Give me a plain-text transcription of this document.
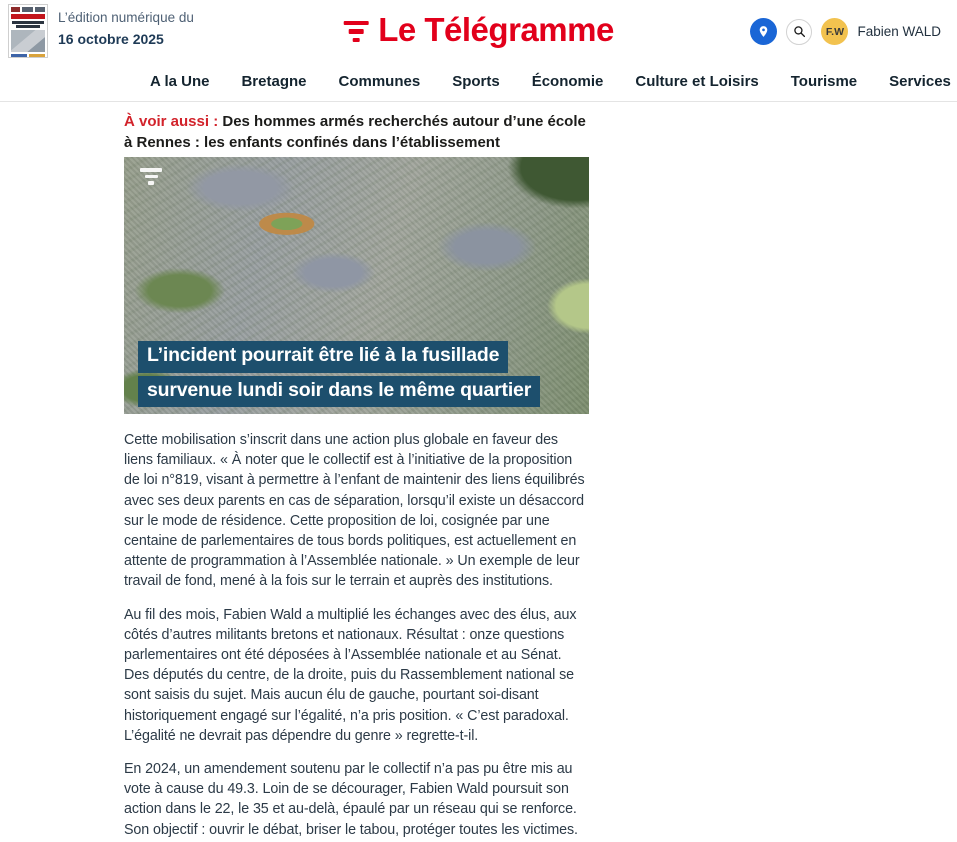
L’édition numérique du
16 octobre 2025	Le Télégramme	F.W Fabien WALD
A la Une	Bretagne	Communes	Sports	Économie	Culture et Loisirs	Tourisme	Services
À voir aussi : Des hommes armés recherchés autour d’une école à Rennes : les enfants confinés dans l’établissement
L’incident pourrait être lié à la fusillade
survenue lundi soir dans le même quartier

Cette mobilisation s’inscrit dans une action plus globale en faveur des liens familiaux. « À noter que le collectif est à l’initiative de la proposition de loi n°819, visant à permettre à l’enfant de maintenir des liens équilibrés avec ses deux parents en cas de séparation, lorsqu’il existe un désaccord sur le mode de résidence. Cette proposition de loi, cosignée par une centaine de parlementaires de tous bords politiques, est actuellement en attente de programmation à l’Assemblée nationale. » Un exemple de leur travail de fond, mené à la fois sur le terrain et auprès des institutions.

Au fil des mois, Fabien Wald a multiplié les échanges avec des élus, aux côtés d’autres militants bretons et nationaux. Résultat : onze questions parlementaires ont été déposées à l’Assemblée nationale et au Sénat. Des députés du centre, de la droite, puis du Rassemblement national se sont saisis du sujet. Mais aucun élu de gauche, pourtant soi-disant historiquement engagé sur l’égalité, n’a pris position. « C’est paradoxal. L’égalité ne devrait pas dépendre du genre » regrette-t-il.

En 2024, un amendement soutenu par le collectif n’a pas pu être mis au vote à cause du 49.3. Loin de se décourager, Fabien Wald poursuit son action dans le 22, le 35 et au-delà, épaulé par un réseau qui se renforce. Son objectif : ouvrir le débat, briser le tabou, protéger toutes les victimes.
